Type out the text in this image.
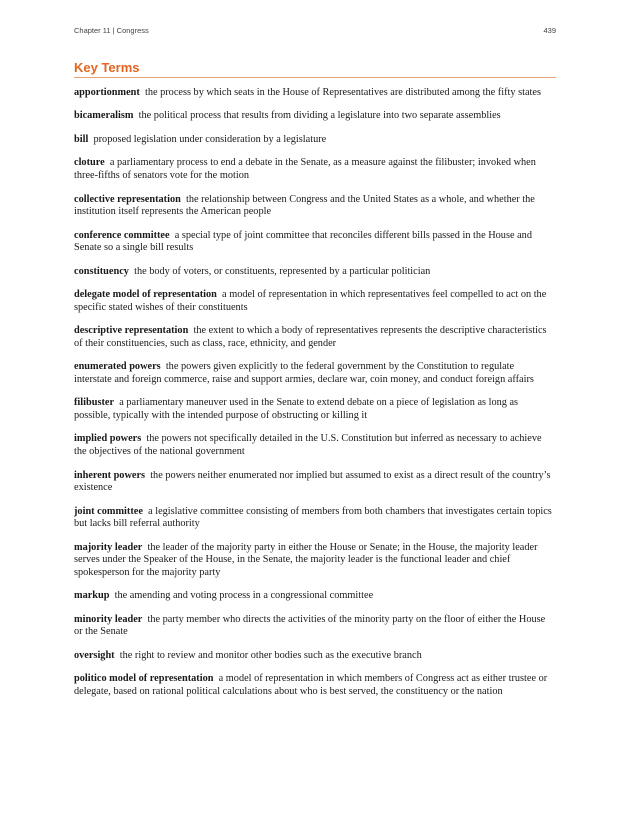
Chapter 11 | Congress	439
Key Terms
apportionment the process by which seats in the House of Representatives are distributed among the fifty states
bicameralism the political process that results from dividing a legislature into two separate assemblies
bill proposed legislation under consideration by a legislature
cloture a parliamentary process to end a debate in the Senate, as a measure against the filibuster; invoked when three-fifths of senators vote for the motion
collective representation the relationship between Congress and the United States as a whole, and whether the institution itself represents the American people
conference committee a special type of joint committee that reconciles different bills passed in the House and Senate so a single bill results
constituency the body of voters, or constituents, represented by a particular politician
delegate model of representation a model of representation in which representatives feel compelled to act on the specific stated wishes of their constituents
descriptive representation the extent to which a body of representatives represents the descriptive characteristics of their constituencies, such as class, race, ethnicity, and gender
enumerated powers the powers given explicitly to the federal government by the Constitution to regulate interstate and foreign commerce, raise and support armies, declare war, coin money, and conduct foreign affairs
filibuster a parliamentary maneuver used in the Senate to extend debate on a piece of legislation as long as possible, typically with the intended purpose of obstructing or killing it
implied powers the powers not specifically detailed in the U.S. Constitution but inferred as necessary to achieve the objectives of the national government
inherent powers the powers neither enumerated nor implied but assumed to exist as a direct result of the country’s existence
joint committee a legislative committee consisting of members from both chambers that investigates certain topics but lacks bill referral authority
majority leader the leader of the majority party in either the House or Senate; in the House, the majority leader serves under the Speaker of the House, in the Senate, the majority leader is the functional leader and chief spokesperson for the majority party
markup the amending and voting process in a congressional committee
minority leader the party member who directs the activities of the minority party on the floor of either the House or the Senate
oversight the right to review and monitor other bodies such as the executive branch
politico model of representation a model of representation in which members of Congress act as either trustee or delegate, based on rational political calculations about who is best served, the constituency or the nation
